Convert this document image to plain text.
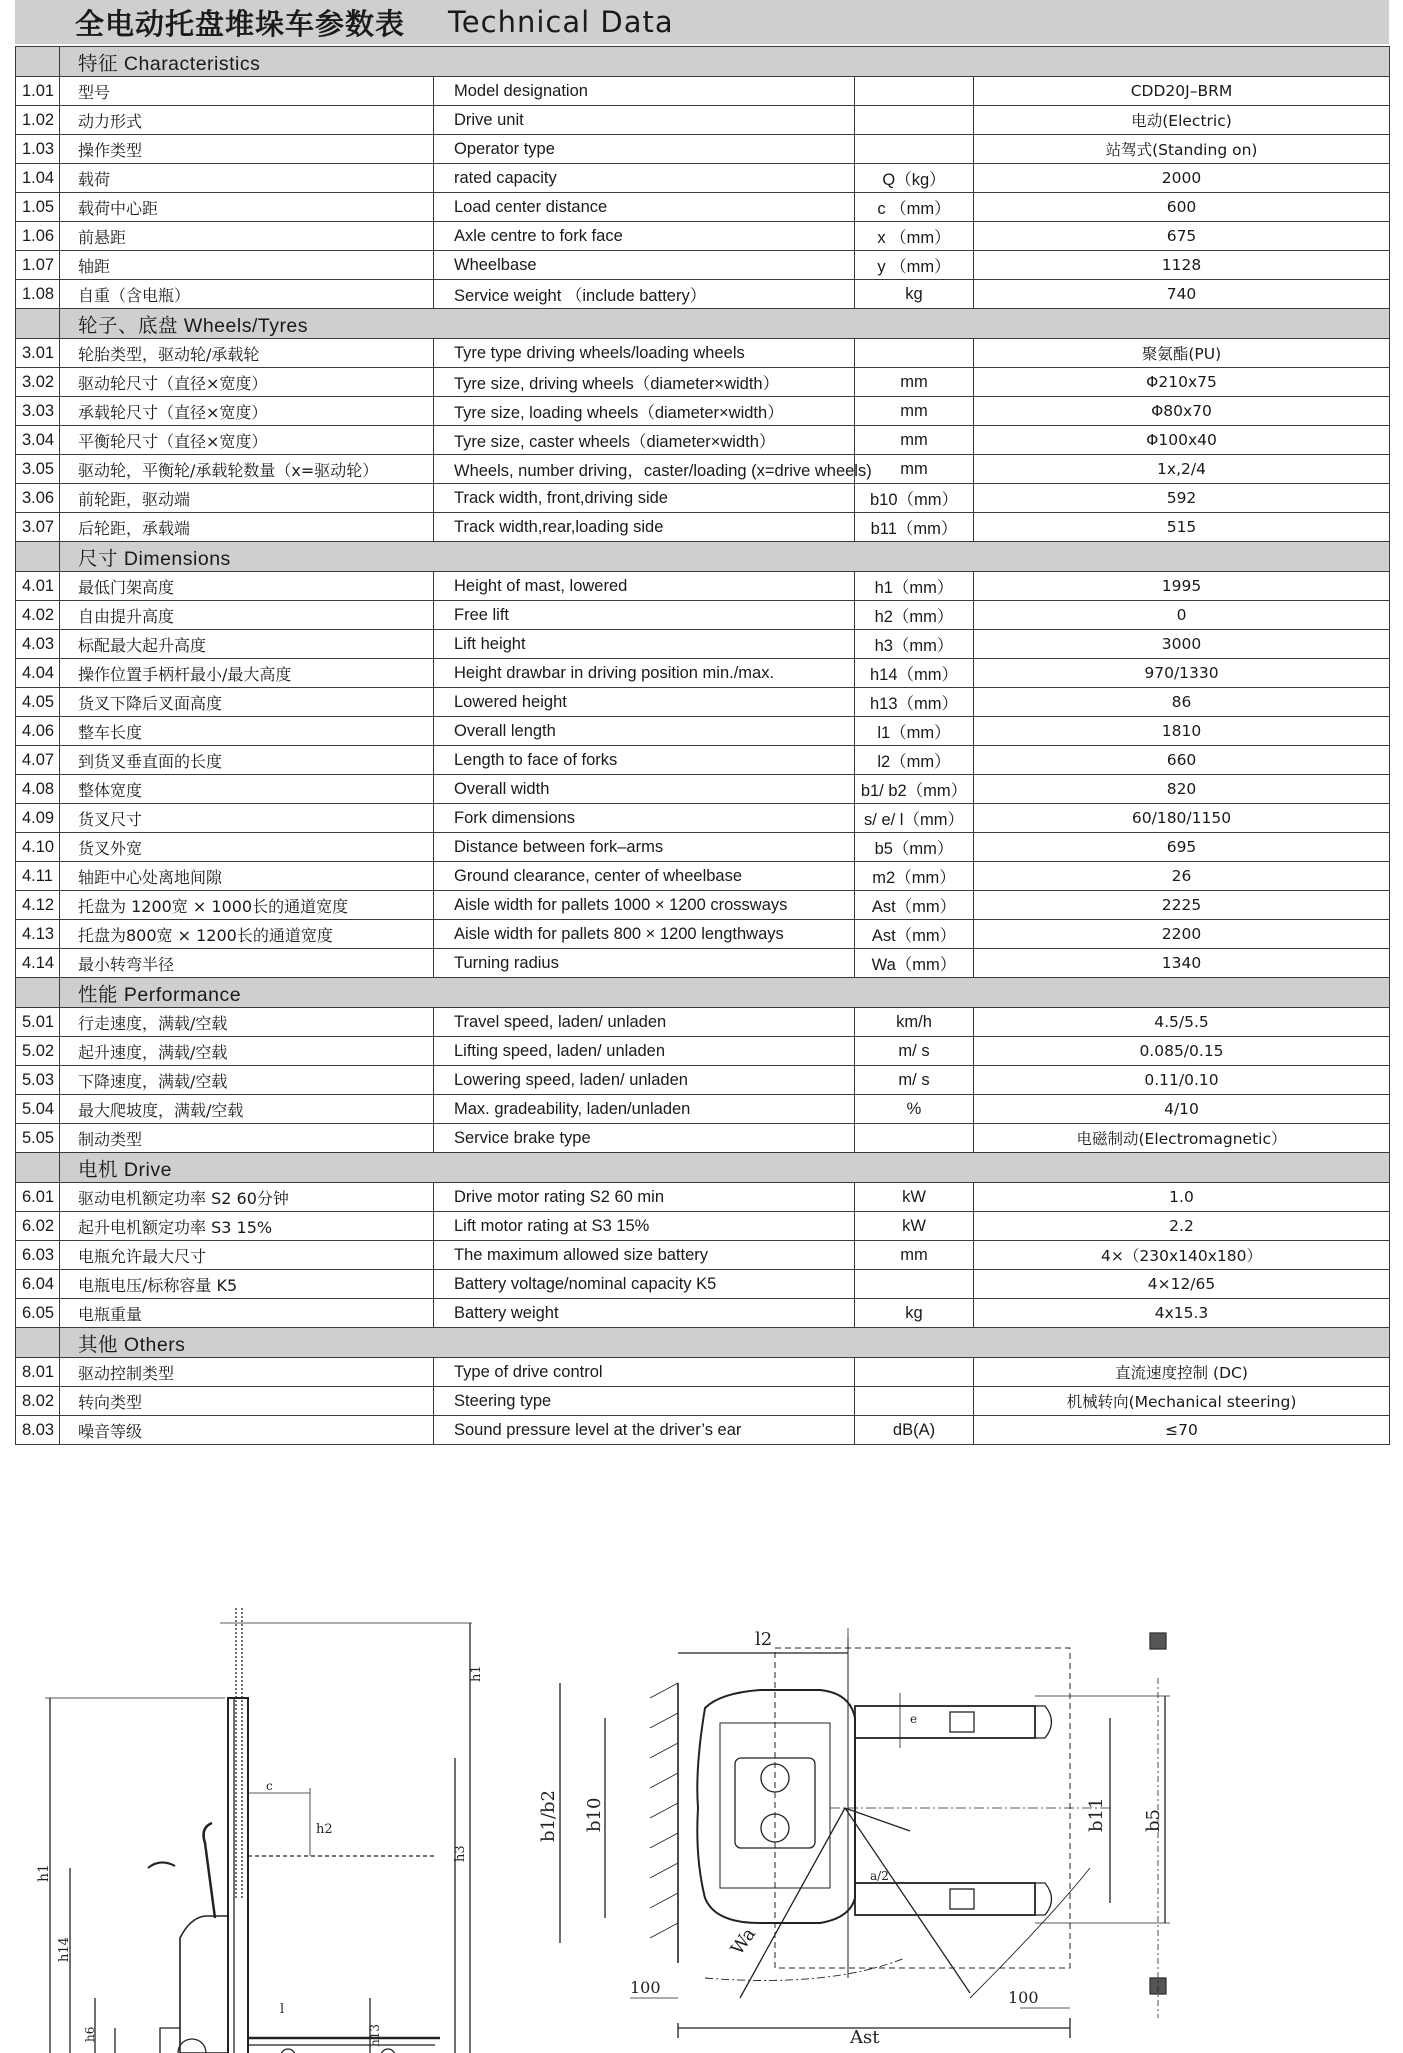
全电动托盘堆垛车参数表 Technical Data
	特征 Characteristics			
1.01	型号	Model designation		CDD20J–BRM
1.02	动力形式	Drive unit		电动(Electric)
1.03	操作类型	Operator type		站驾式(Standing on)
1.04	载荷	rated capacity	Q（kg）	2000
1.05	载荷中心距	Load center distance	c （mm）	600
1.06	前悬距	Axle centre to fork face	x （mm）	675
1.07	轴距	Wheelbase	y （mm）	1128
1.08	自重（含电瓶）	Service weight （include battery）	kg	740
	轮子、底盘 Wheels/Tyres			
3.01	轮胎类型，驱动轮/承载轮	Tyre type driving wheels/loading wheels		聚氨酯(PU)
3.02	驱动轮尺寸（直径×宽度）	Tyre size, driving wheels（diameter×width）	mm	Φ210x75
3.03	承载轮尺寸（直径×宽度）	Tyre size, loading wheels（diameter×width）	mm	Φ80x70
3.04	平衡轮尺寸（直径×宽度）	Tyre size, caster wheels（diameter×width）	mm	Φ100x40
3.05	驱动轮，平衡轮/承载轮数量（x=驱动轮）	Wheels, number driving，caster/loading (x=drive wheels)	mm	1x,2/4
3.06	前轮距，驱动端	Track width, front,driving side	b10（mm）	592
3.07	后轮距，承载端	Track width,rear,loading side	b11（mm）	515
	尺寸 Dimensions			
4.01	最低门架高度	Height of mast, lowered	h1（mm）	1995
4.02	自由提升高度	Free lift	h2（mm）	0
4.03	标配最大起升高度	Lift height	h3（mm）	3000
4.04	操作位置手柄杆最小/最大高度	Height drawbar in driving position min./max.	h14（mm）	970/1330
4.05	货叉下降后叉面高度	Lowered height	h13（mm）	86
4.06	整车长度	Overall length	l1（mm）	1810
4.07	到货叉垂直面的长度	Length to face of forks	l2（mm）	660
4.08	整体宽度	Overall width	b1/ b2（mm）	820
4.09	货叉尺寸	Fork dimensions	s/ e/ l（mm）	60/180/1150
4.10	货叉外宽	Distance between fork–arms	b5（mm）	695
4.11	轴距中心处离地间隙	Ground clearance, center of wheelbase	m2（mm）	26
4.12	托盘为 1200宽 × 1000长的通道宽度	Aisle width for pallets 1000 × 1200 crossways	Ast（mm）	2225
4.13	托盘为800宽 × 1200长的通道宽度	Aisle width for pallets 800 × 1200 lengthways	Ast（mm）	2200
4.14	最小转弯半径	Turning radius	Wa（mm）	1340
	性能 Performance			
5.01	行走速度，满载/空载	Travel speed, laden/ unladen	km/h	4.5/5.5
5.02	起升速度，满载/空载	Lifting speed, laden/ unladen	m/ s	0.085/0.15
5.03	下降速度，满载/空载	Lowering speed, laden/ unladen	m/ s	0.11/0.10
5.04	最大爬坡度，满载/空载	Max. gradeability, laden/unladen	%	4/10
5.05	制动类型	Service brake type		电磁制动(Electromagnetic）
	电机 Drive			
6.01	驱动电机额定功率 S2 60分钟	Drive motor rating S2 60 min	kW	1.0
6.02	起升电机额定功率 S3 15%	Lift motor rating at S3 15%	kW	2.2
6.03	电瓶允许最大尺寸	The maximum allowed size battery	mm	4×（230x140x180）
6.04	电瓶电压/标称容量 K5	Battery voltage/nominal capacity K5		4×12/65
6.05	电瓶重量	Battery weight	kg	4x15.3
	其他 Others			
8.01	驱动控制类型	Type of drive control		直流速度控制 (DC)
8.02	转向类型	Steering type		机械转向(Mechanical steering)
8.03	噪音等级	Sound pressure level at the driver’s ear	dB(A)	≤70
c
h2
l
h1
h14
h6
h3
h1
h13
l2
b1/b2 b10
e
b11 b5
a/2
Wa
Ast
100
100
